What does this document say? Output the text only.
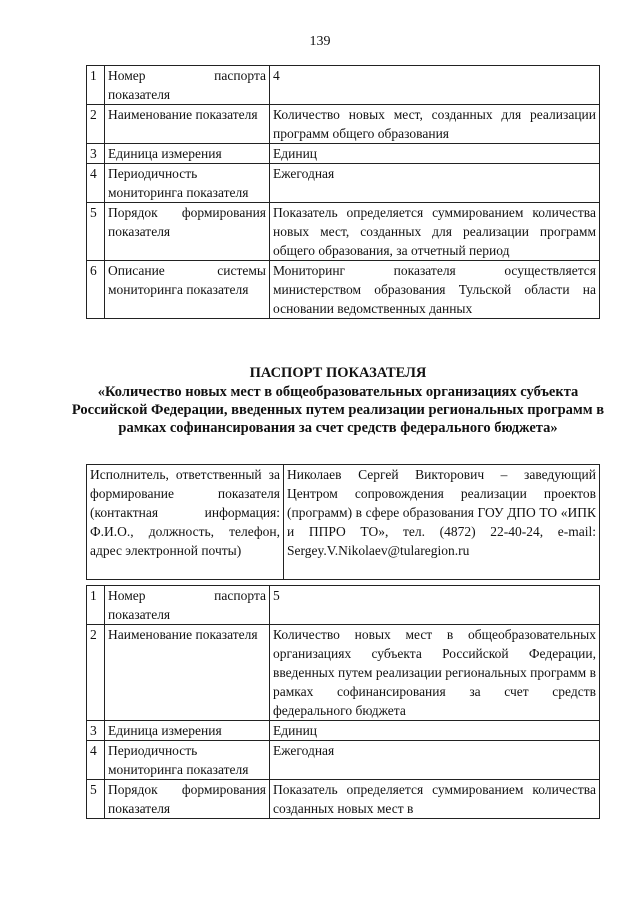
139
1	Номер паспорта показателя	4
2	Наименование показателя	Количество новых мест, созданных для реализации программ общего образования
3	Единица измерения	Единиц
4	Периодичность мониторинга показателя	Ежегодная
5	Порядок формирования показателя	Показатель определяется суммированием количества новых мест, созданных для реализации программ общего образования, за отчетный период
6	Описание системы мониторинга показателя	Мониторинг показателя осуществляется министерством образования Тульской области на основании ведомственных данных
ПАСПОРТ ПОКАЗАТЕЛЯ
«Количество новых мест в общеобразовательных организациях субъекта Российской Федерации, введенных путем реализации региональных программ в рамках софинансирования за счет средств федерального бюджета»
Исполнитель, ответственный за формирование показателя (контактная информация: Ф.И.О., должность, телефон, адрес электронной почты)	Николаев Сергей Викторович – заведующий Центром сопровождения реализации проектов (программ) в сфере образования ГОУ ДПО ТО «ИПК и ППРО ТО», тел. (4872) 22-40-24, e-mail: Sergey.V.Nikolaev@tularegion.ru
1	Номер паспорта показателя	5
2	Наименование показателя	Количество новых мест в общеобразовательных организациях субъекта Российской Федерации, введенных путем реализации региональных программ в рамках софинансирования за счет средств федерального бюджета
3	Единица измерения	Единиц
4	Периодичность мониторинга показателя	Ежегодная
5	Порядок формирования показателя	Показатель определяется суммированием количества созданных новых мест в
